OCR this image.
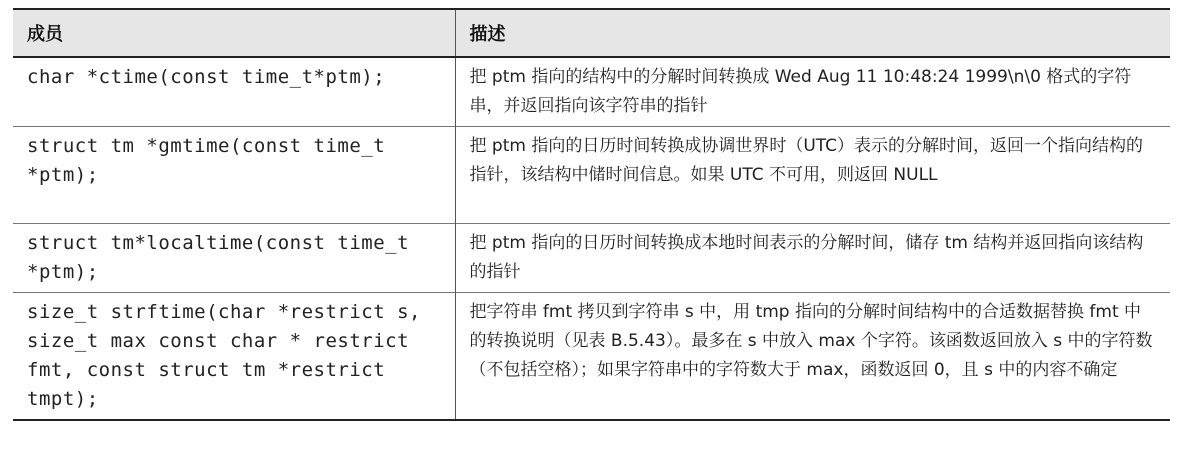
成员	描述
char *ctime(const time_t*ptm);	把 ptm 指向的结构中的分解时间转换成 Wed Aug 11 10:48:24 1999\n\0 格式的字符串，并返回指向该字符串的指针
struct tm *gmtime(const time_t *ptm);	把 ptm 指向的日历时间转换成协调世界时（UTC）表示的分解时间，返回一个指向结构的指针，该结构中储时间信息。如果 UTC 不可用，则返回 NULL
struct tm*localtime(const time_t *ptm);	把 ptm 指向的日历时间转换成本地时间表示的分解时间，储存 tm 结构并返回指向该结构的指针
size_t strftime(char *restrict s, size_t max const char * restrict fmt, const struct tm *restrict tmpt);	把字符串 fmt 拷贝到字符串 s 中，用 tmp 指向的分解时间结构中的合适数据替换 fmt 中的转换说明（见表 B.5.43）。最多在 s 中放入 max 个字符。该函数返回放入 s 中的字符数（不包括空格）；如果字符串中的字符数大于 max，函数返回 0，且 s 中的内容不确定
